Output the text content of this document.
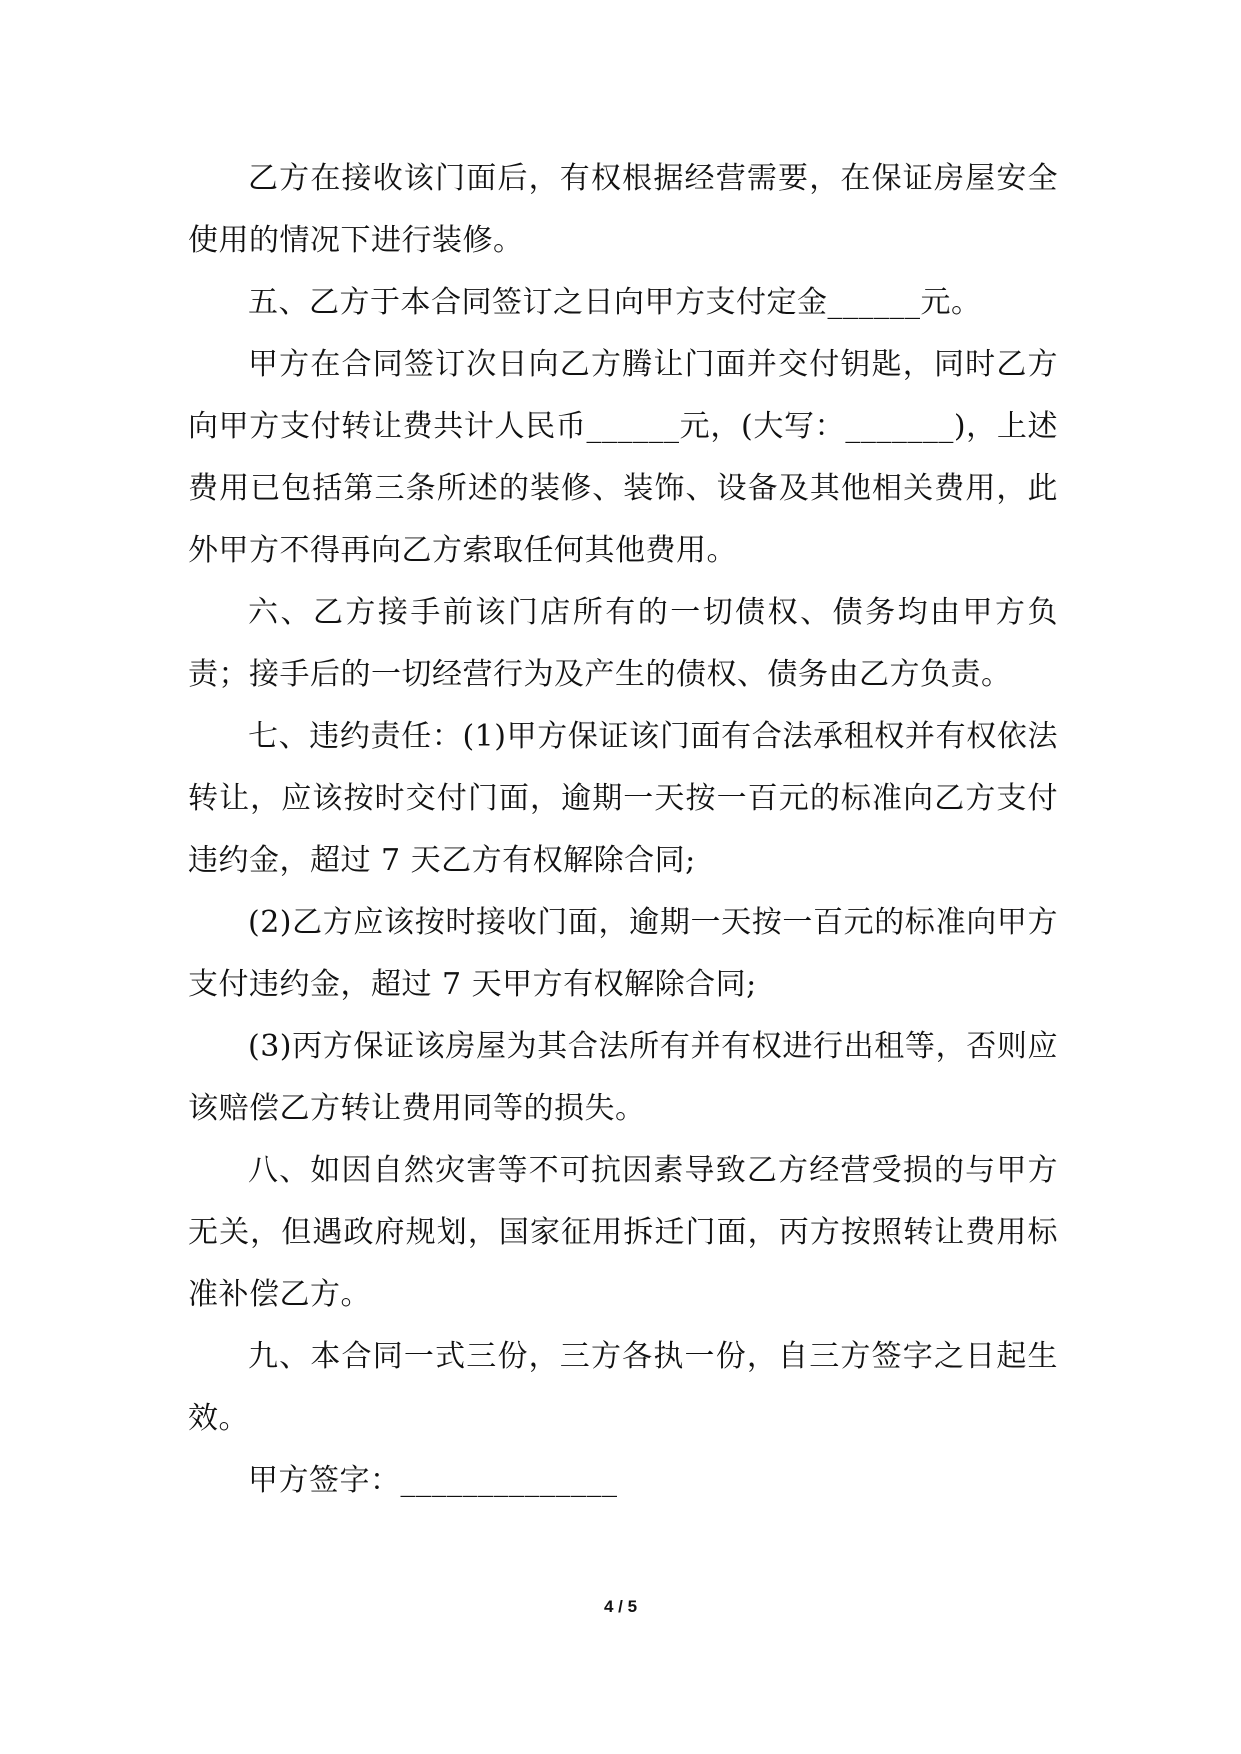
乙方在接收该门面后，有权根据经营需要，在保证房屋安全使用的情况下进行装修。

五、乙方于本合同签订之日向甲方支付定金______元。

甲方在合同签订次日向乙方腾让门面并交付钥匙，同时乙方向甲方支付转让费共计人民币______元，(大写：_______)，上述费用已包括第三条所述的装修、装饰、设备及其他相关费用，此外甲方不得再向乙方索取任何其他费用。

六、乙方接手前该门店所有的一切债权、债务均由甲方负责；接手后的一切经营行为及产生的债权、债务由乙方负责。

七、违约责任：(1)甲方保证该门面有合法承租权并有权依法转让，应该按时交付门面，逾期一天按一百元的标准向乙方支付违约金，超过 7 天乙方有权解除合同;

(2)乙方应该按时接收门面，逾期一天按一百元的标准向甲方支付违约金，超过 7 天甲方有权解除合同;

(3)丙方保证该房屋为其合法所有并有权进行出租等，否则应该赔偿乙方转让费用同等的损失。

八、如因自然灾害等不可抗因素导致乙方经营受损的与甲方无关，但遇政府规划，国家征用拆迁门面，丙方按照转让费用标准补偿乙方。

九、本合同一式三份，三方各执一份，自三方签字之日起生效。

甲方签字：______________

4 / 5
